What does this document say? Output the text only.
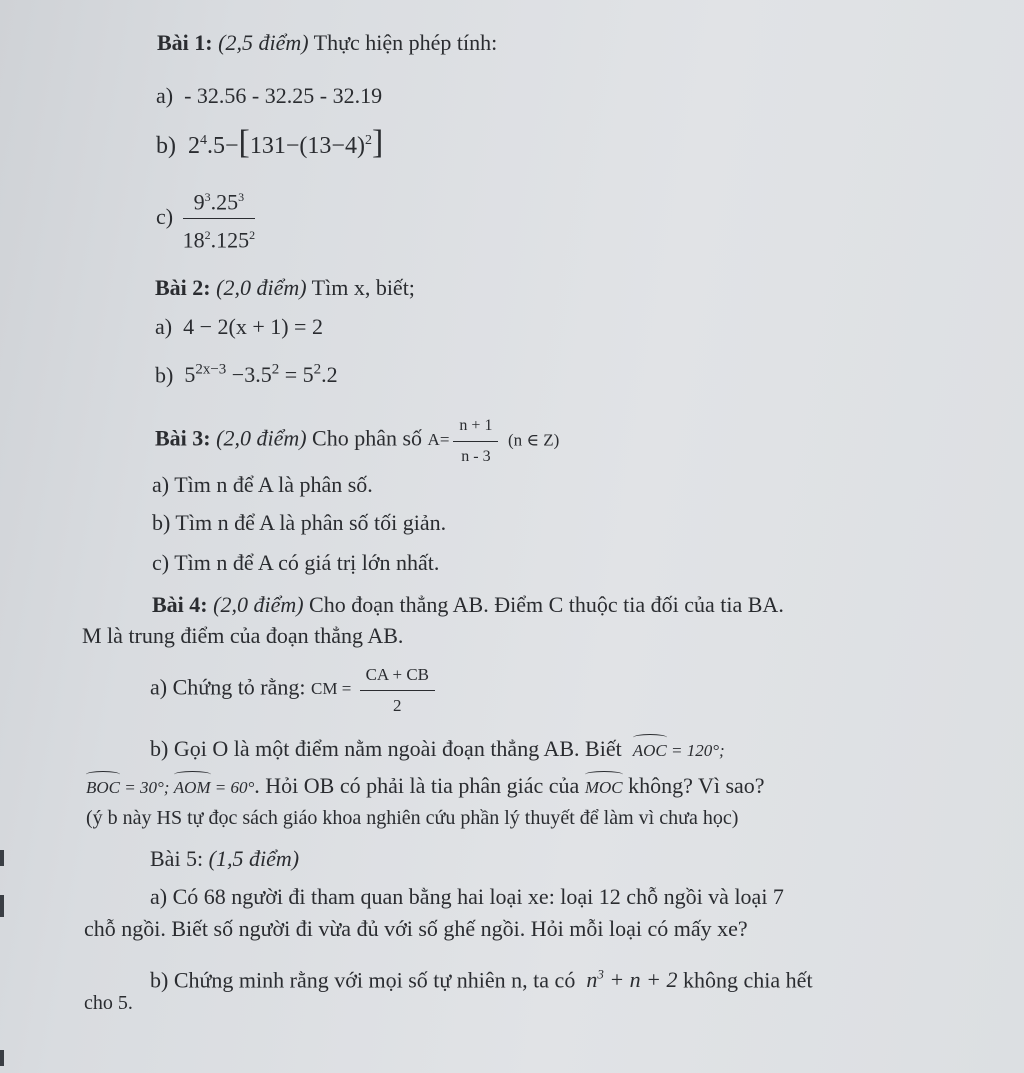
Bài 1: (2,5 điểm) Thực hiện phép tính:
a) - 32.56 - 32.25 - 32.19
b) $2^4.5-[131-(13-4)^2]$
$c) \frac{9^3.25^3}{18^2.125^2}$
Bài 2: (2,0 điểm) Tìm x, biết;
a) 4 − 2(x + 1) = 2
b) $5^{2x-3} -3.5^2 = 5^2.2$
Bài 3: (2,0 điểm) Cho phân số $A= \frac{n + 1}{n - 3} (n$ ∈ Z)
a) Tìm n để A là phân số.
b) Tìm n để A là phân số tối giản.
c) Tìm n để A có giá trị lớn nhất.
Bài 4: (2,0 điểm) Cho đoạn thẳng AB. Điểm C thuộc tia đối của tia BA.
M là trung điểm của đoạn thẳng AB.
a) Chứng tỏ rằng: CM = $\frac{CA + CB}{2}$
b) Gọi O là một điểm nằm ngoài đoạn thẳng AB. Biết AOC = 120°;
BOC = 30°; AOM = 60°. Hỏi OB có phải là tia phân giác của MOC không? Vì sao?
(ý b này HS tự đọc sách giáo khoa nghiên cứu phần lý thuyết để làm vì chưa học)
Bài 5: (1,5 điểm)
a) Có 68 người đi tham quan bằng hai loại xe: loại 12 chỗ ngồi và loại 7
chỗ ngồi. Biết số người đi vừa đủ với số ghế ngồi. Hỏi mỗi loại có mấy xe?
b) Chứng minh rằng với mọi số tự nhiên n, ta có $n^3 + n + 2$ không chia hết
cho 5.
